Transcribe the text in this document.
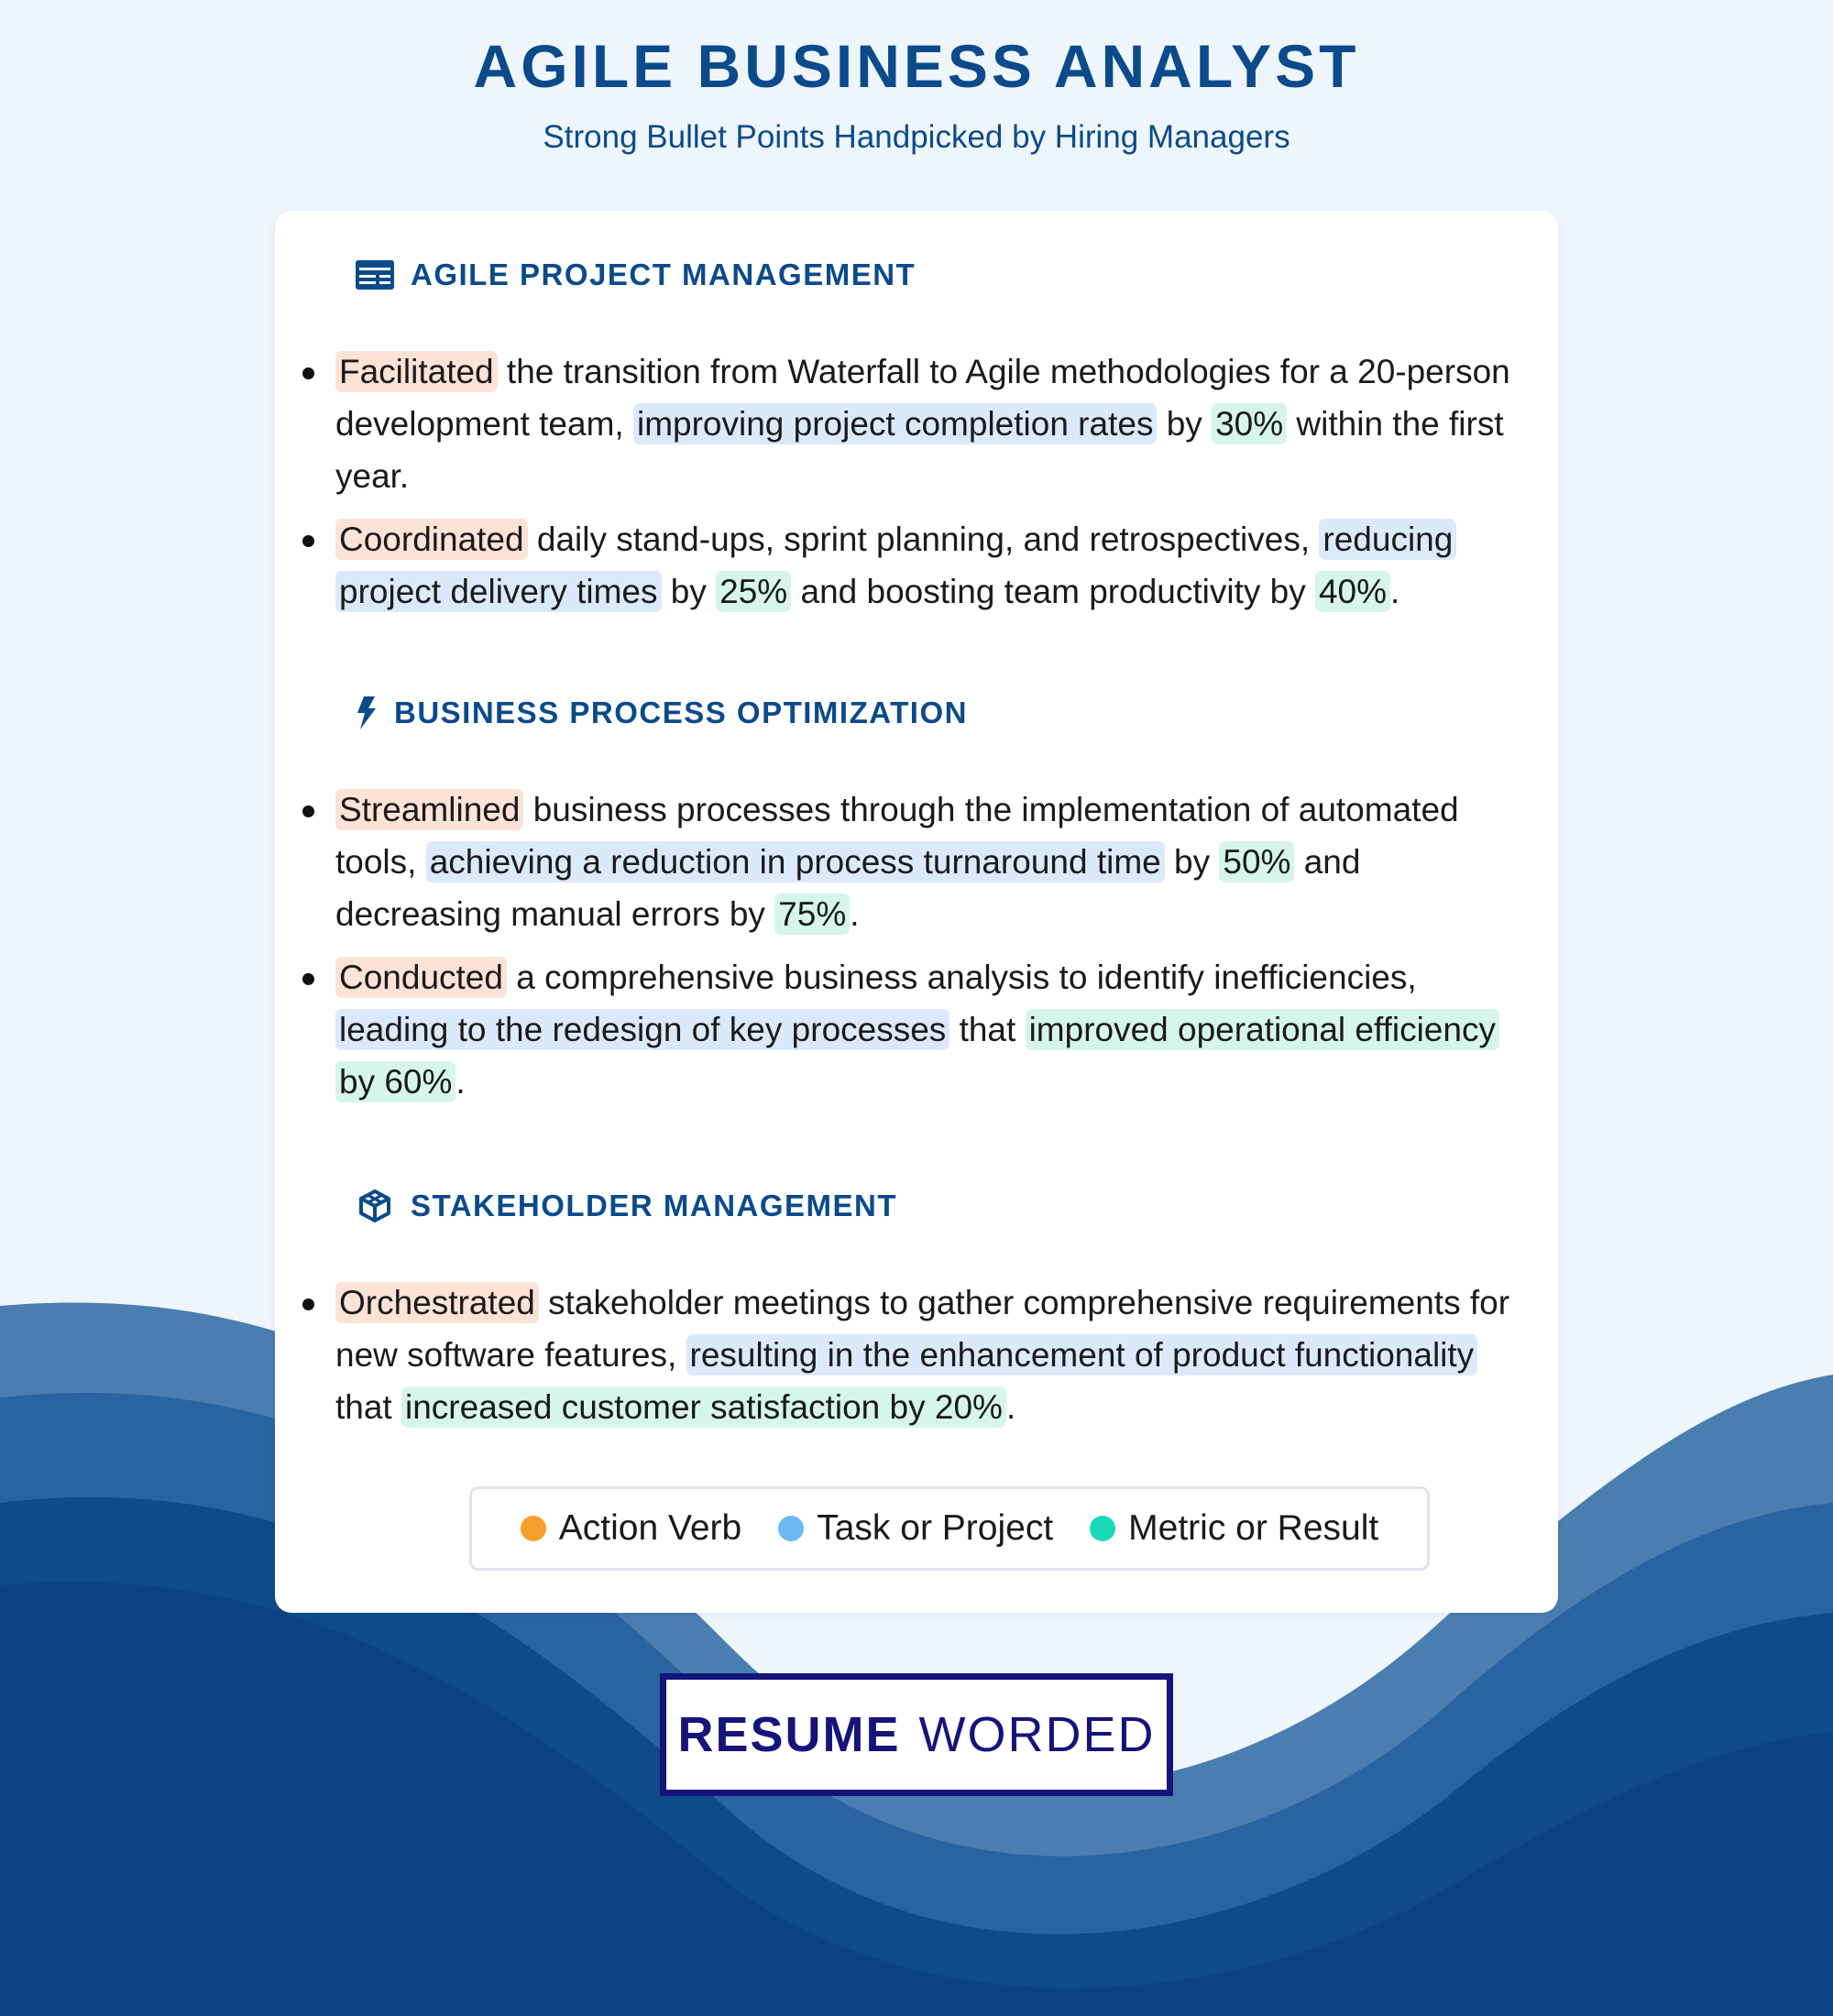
AGILE BUSINESS ANALYST
Strong Bullet Points Handpicked by Hiring Managers
AGILE PROJECT MANAGEMENT
Facilitated the transition from Waterfall to Agile methodologies for a 20-person development team, improving project completion rates by 30% within the first year.
Coordinated daily stand-ups, sprint planning, and retrospectives, reducing project delivery times by 25% and boosting team productivity by 40% .
BUSINESS PROCESS OPTIMIZATION
Streamlined business processes through the implementation of automated tools, achieving a reduction in process turnaround time by 50% and decreasing manual errors by 75% .
Conducted a comprehensive business analysis to identify inefficiencies, leading to the redesign of key processes that improved operational efficiency by 60% .
STAKEHOLDER MANAGEMENT
Orchestrated stakeholder meetings to gather comprehensive requirements for new software features, resulting in the enhancement of product functionality that increased customer satisfaction by 20% .
Action Verb Task or Project Metric or Result
RESUME WORDED
